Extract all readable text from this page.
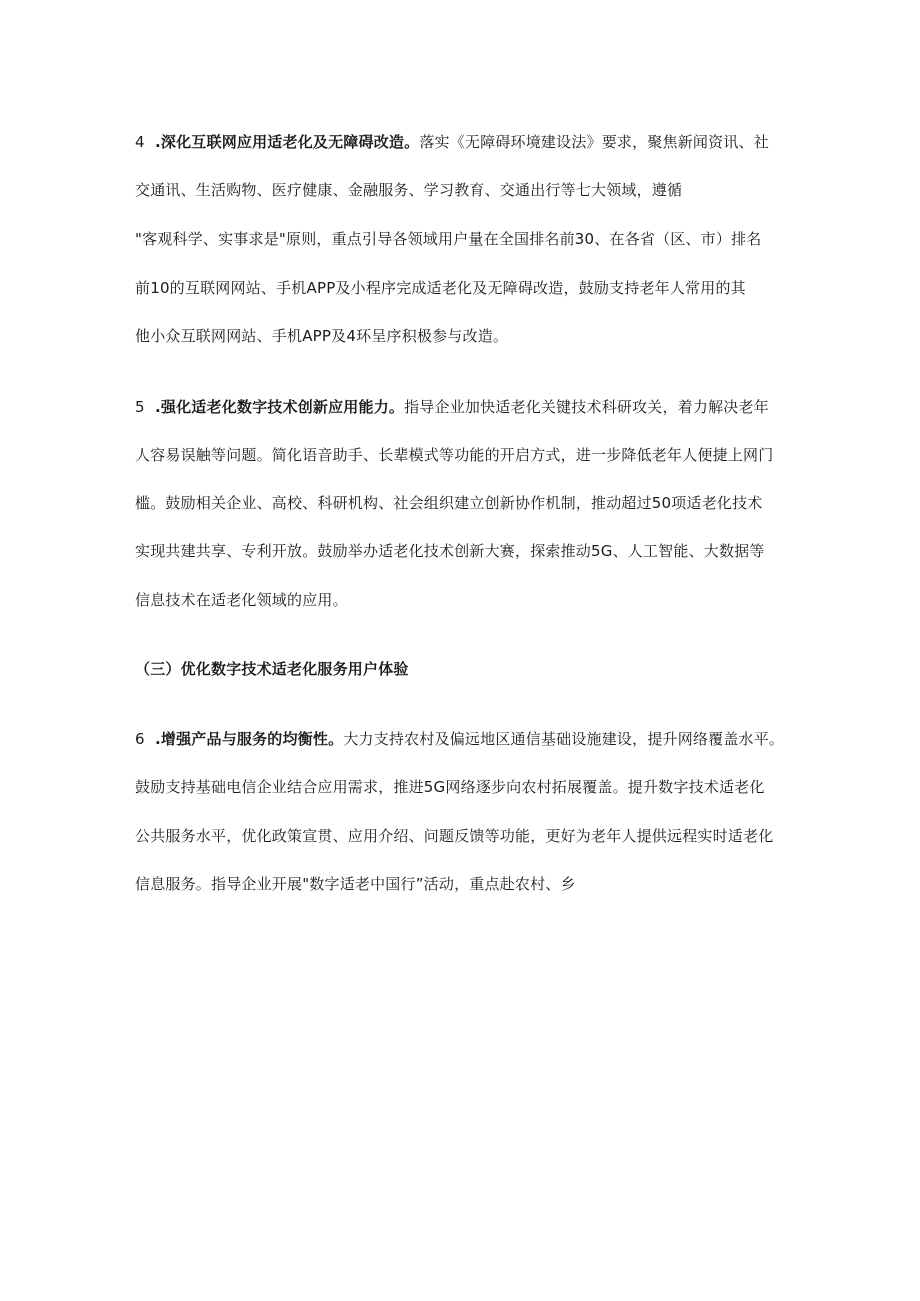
4 .深化互联网应用适老化及无障碍改造。落实《无障碍环境建设法》要求，聚焦新闻资讯、社
交通讯、生活购物、医疗健康、金融服务、学习教育、交通出行等七大领域，遵循
"客观科学、实事求是"原则，重点引导各领域用户量在全国排名前30、在各省（区、市）排名
前10的互联网网站、手机APP及小程序完成适老化及无障碍改造，鼓励支持老年人常用的其
他小众互联网网站、手机APP及4环呈序积极参与改造。
5 .强化适老化数字技术创新应用能力。指导企业加快适老化关键技术科研攻关，着力解决老年
人容易误触等问题。简化语音助手、长辈模式等功能的开启方式，进一步降低老年人便捷上网门
槛。鼓励相关企业、高校、科研机构、社会组织建立创新协作机制，推动超过50项适老化技术
实现共建共享、专利开放。鼓励举办适老化技术创新大赛，探索推动5G、人工智能、大数据等
信息技术在适老化领域的应用。
（三）优化数字技术适老化服务用户体验
6 .增强产品与服务的均衡性。大力支持农村及偏远地区通信基础设施建设，提升网络覆盖水平。
鼓励支持基础电信企业结合应用需求，推进5G网络逐步向农村拓展覆盖。提升数字技术适老化
公共服务水平，优化政策宣贯、应用介绍、问题反馈等功能，更好为老年人提供远程实时适老化
信息服务。指导企业开展"数字适老中国行”活动，重点赴农村、乡
